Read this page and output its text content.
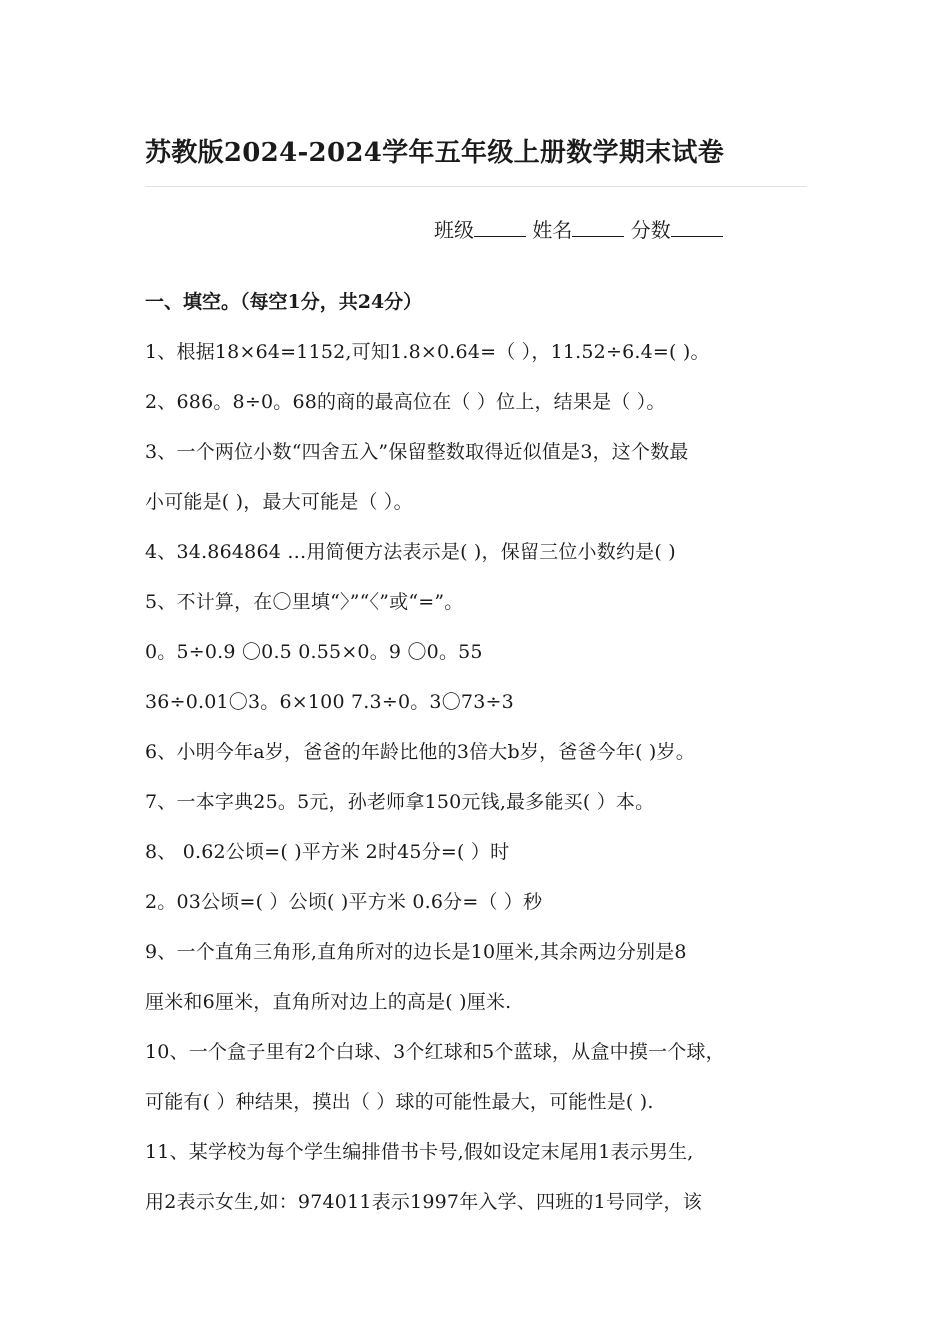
苏教版2024-2024学年五年级上册数学期末试卷
班级	姓名	分数
一、填空。（每空1分，共24分）
1、根据18×64=1152,可知1.8×0.64=（ ），11.52÷6.4=( )。
2、686。8÷0。68的商的最高位在（ ）位上，结果是（ ）。
3、一个两位小数“四舍五入”保留整数取得近似值是3，这个数最
小可能是( )，最大可能是（ ）。
4、34.864864 …用简便方法表示是( )，保留三位小数约是( )
5、不计算，在〇里填“〉”“〈”或“=”。
0。5÷0.9 〇0.5 0.55×0。9 〇0。55
36÷0.01〇3。6×100 7.3÷0。3〇73÷3
6、小明今年a岁，爸爸的年龄比他的3倍大b岁，爸爸今年( )岁。
7、一本字典25。5元，孙老师拿150元钱,最多能买( ）本。
8、 0.62公顷=( )平方米 2时45分=( ）时
2。03公顷=( ）公顷( )平方米 0.6分=（ ）秒
9、一个直角三角形,直角所对的边长是10厘米,其余两边分别是8
厘米和6厘米，直角所对边上的高是( )厘米.
10、一个盒子里有2个白球、3个红球和5个蓝球，从盒中摸一个球，
可能有( ）种结果，摸出（ ）球的可能性最大，可能性是( ).
11、某学校为每个学生编排借书卡号,假如设定末尾用1表示男生,
用2表示女生,如：974011表示1997年入学、四班的1号同学，该
